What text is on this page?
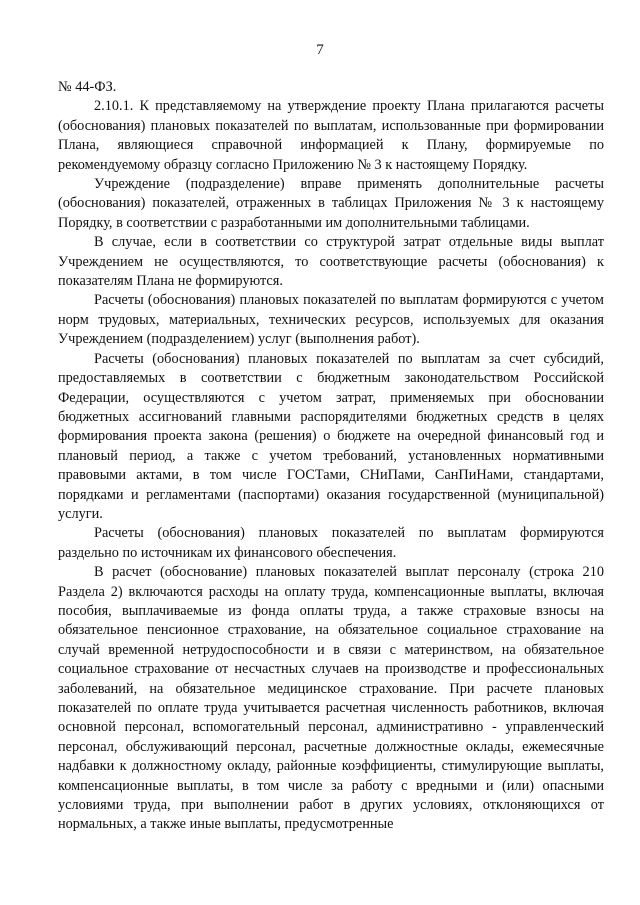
7

№ 44-ФЗ.

2.10.1. К представляемому на утверждение проекту Плана прилагаются расчеты (обоснования) плановых показателей по выплатам, использованные при формировании Плана, являющиеся справочной информацией к Плану, формируемые по рекомендуемому образцу согласно Приложению № 3 к настоящему Порядку.

Учреждение (подразделение) вправе применять дополнительные расчеты (обоснования) показателей, отраженных в таблицах Приложения № 3 к настоящему Порядку, в соответствии с разработанными им дополнительными таблицами.

В случае, если в соответствии со структурой затрат отдельные виды выплат Учреждением не осуществляются, то соответствующие расчеты (обоснования) к показателям Плана не формируются.

Расчеты (обоснования) плановых показателей по выплатам формируются с учетом норм трудовых, материальных, технических ресурсов, используемых для оказания Учреждением (подразделением) услуг (выполнения работ).

Расчеты (обоснования) плановых показателей по выплатам за счет субсидий, предоставляемых в соответствии с бюджетным законодательством Российской Федерации, осуществляются с учетом затрат, применяемых при обосновании бюджетных ассигнований главными распорядителями бюджетных средств в целях формирования проекта закона (решения) о бюджете на очередной финансовый год и плановый период, а также с учетом требований, установленных нормативными правовыми актами, в том числе ГОСТами, СНиПами, СанПиНами, стандартами, порядками и регламентами (паспортами) оказания государственной (муниципальной) услуги.

Расчеты (обоснования) плановых показателей по выплатам формируются раздельно по источникам их финансового обеспечения.

В расчет (обоснование) плановых показателей выплат персоналу (строка 210 Раздела 2) включаются расходы на оплату труда, компенсационные выплаты, включая пособия, выплачиваемые из фонда оплаты труда, а также страховые взносы на обязательное пенсионное страхование, на обязательное социальное страхование на случай временной нетрудоспособности и в связи с материнством, на обязательное социальное страхование от несчастных случаев на производстве и профессиональных заболеваний, на обязательное медицинское страхование. При расчете плановых показателей по оплате труда учитывается расчетная численность работников, включая основной персонал, вспомогательный персонал, административно - управленческий персонал, обслуживающий персонал, расчетные должностные оклады, ежемесячные надбавки к должностному окладу, районные коэффициенты, стимулирующие выплаты, компенсационные выплаты, в том числе за работу с вредными и (или) опасными условиями труда, при выполнении работ в других условиях, отклоняющихся от нормальных, а также иные выплаты, предусмотренные
